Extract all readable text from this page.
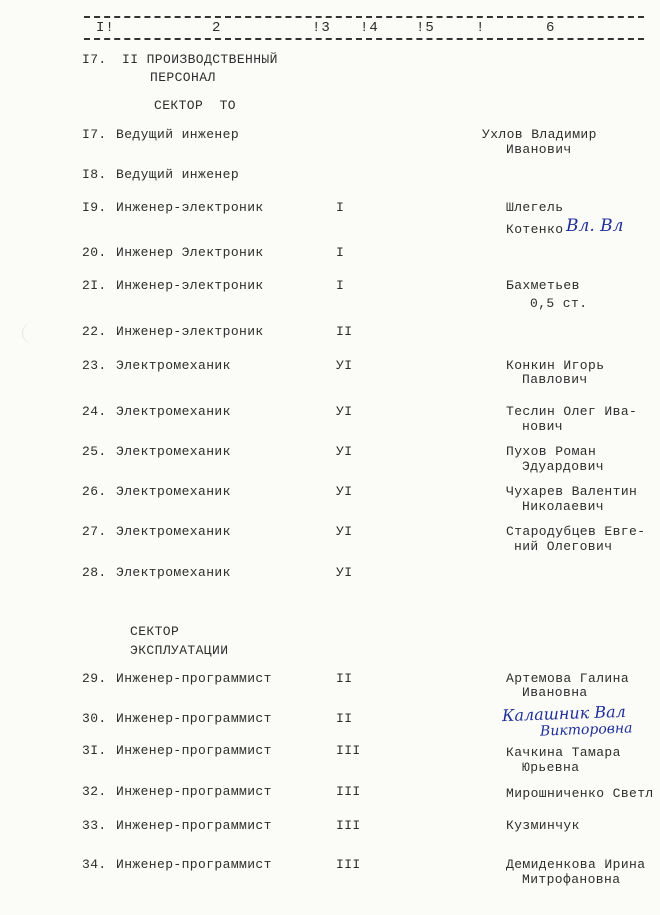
I!	2	!3 !4	!5	!	6
I7. II ПРОИЗВОДСТВЕННЫЙ
ПЕРСОНАЛ
СЕКТОР  ТО
I7. Ведущий инженер	Ухлов Владимир
Иванович
I8. Ведущий инженер
I9. Инженер-электроник	I	Шлегель
Котенко Вл. Вл
20. Инженер Электроник	I
2I. Инженер-электроник	I	Бахметьев
0,5 ст.
22. Инженер-электроник	II
23. Электромеханик	УI	Конкин Игорь
Павлович
24. Электромеханик	УI	Теслин Олег Ива-
нович
25. Электромеханик	УI	Пухов Роман
Эдуардович
26. Электромеханик	УI	Чухарев Валентин
Николаевич
27. Электромеханик	УI	Стародубцев Евге-
ний Олегович
28. Электромеханик	УI
СЕКТОР
ЭКСПЛУАТАЦИИ
29. Инженер-программист	II	Артемова Галина
Ивановна
30. Инженер-программист	II	Калашник Вал
Викторовна
3I. Инженер-программист	III	Качкина Тамара
Юрьевна
32. Инженер-программист	III	Мирошниченко Светл
33. Инженер-программист	III	Кузминчук
34. Инженер-программист	III	Демиденкова Ирина
Митрофановна
